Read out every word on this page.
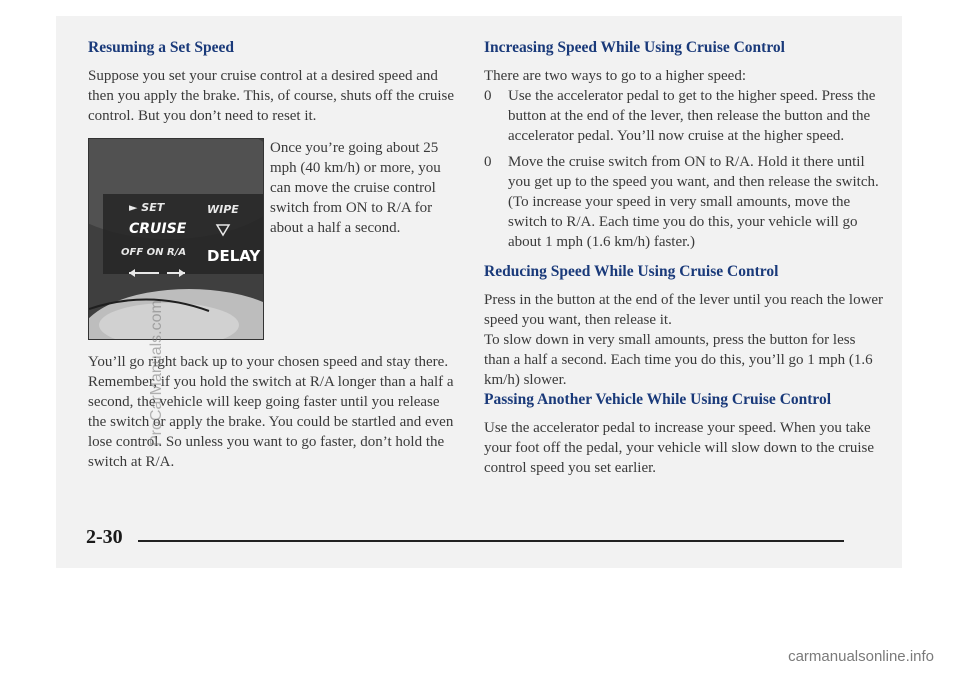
Resuming a Set Speed

Suppose you set your cruise control at a desired speed and then you apply the brake. This, of course, shuts off the cruise control. But you don’t need to reset it.

► SET	WIPE
CRUISE
OFF ON R/A DELAY

Once you’re going about 25 mph (40 km/h) or more, you can move the cruise control switch from ON to R/A for about a half a second.

You’ll go right back up to your chosen speed and stay there.

Remember, if you hold the switch at R/A longer than a half a second, the vehicle will keep going faster until you release the switch or apply the brake. You could be startled and even lose control. So unless you want to go faster, don’t hold the switch at R/A.

Increasing Speed While Using Cruise Control

There are two ways to go to a higher speed:

0 Use the accelerator pedal to get to the higher speed. Press the button at the end of the lever, then release the button and the accelerator pedal. You’ll now cruise at the higher speed.
0 Move the cruise switch from ON to R/A. Hold it there until you get up to the speed you want, and then release the switch. (To increase your speed in very small amounts, move the switch to R/A. Each time you do this, your vehicle will go about 1 mph (1.6 km/h) faster.)
Reducing Speed While Using Cruise Control

Press in the button at the end of the lever until you reach the lower speed you want, then release it.

To slow down in very small amounts, press the button for less than a half a second. Each time you do this, you’ll go 1 mph (1.6 km/h) slower.

Passing Another Vehicle While Using Cruise Control

Use the accelerator pedal to increase your speed. When you take your foot off the pedal, your vehicle will slow down to the cruise control speed you set earlier.

ProCarManuals.com
2-30
carmanualsonline.info
